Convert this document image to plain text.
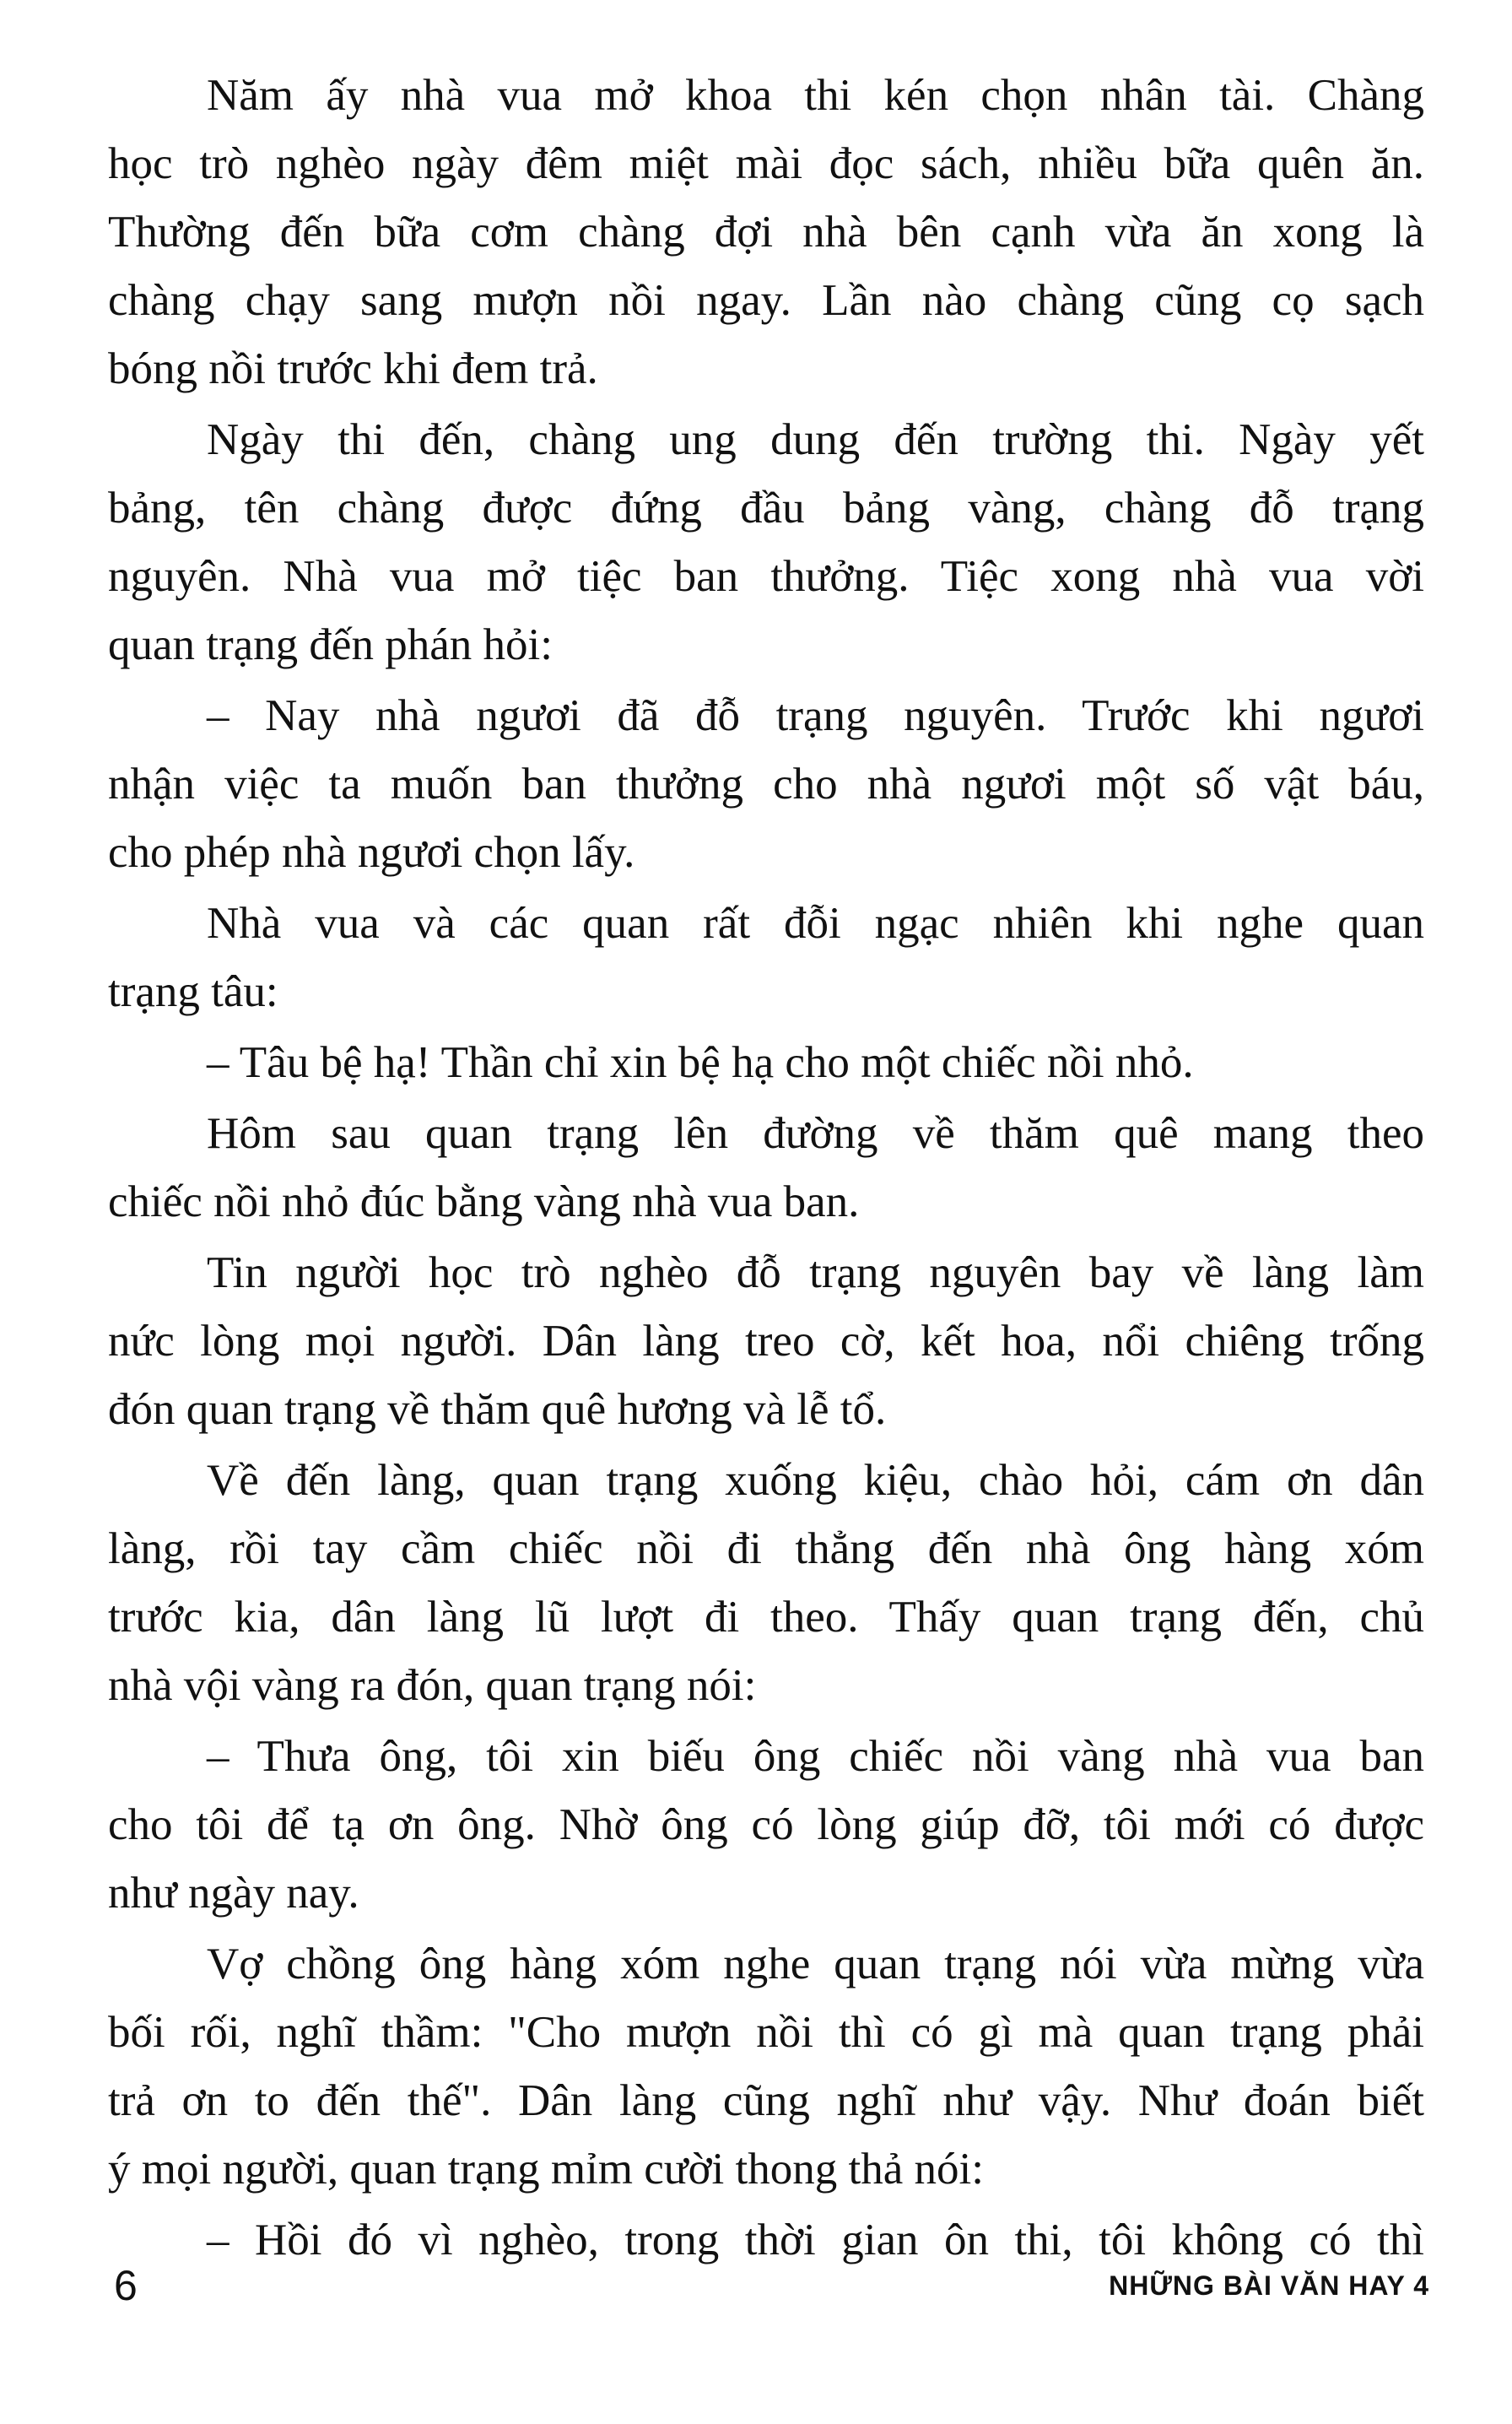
Năm ấy nhà vua mở khoa thi kén chọn nhân tài. Chàng
học trò nghèo ngày đêm miệt mài đọc sách, nhiều bữa quên ăn.
Thường đến bữa cơm chàng đợi nhà bên cạnh vừa ăn xong là
chàng chạy sang mượn nồi ngay. Lần nào chàng cũng cọ sạch
bóng nồi trước khi đem trả.
Ngày thi đến, chàng ung dung đến trường thi. Ngày yết
bảng, tên chàng được đứng đầu bảng vàng, chàng đỗ trạng
nguyên. Nhà vua mở tiệc ban thưởng. Tiệc xong nhà vua vời
quan trạng đến phán hỏi:
– Nay nhà ngươi đã đỗ trạng nguyên. Trước khi ngươi
nhận việc ta muốn ban thưởng cho nhà ngươi một số vật báu,
cho phép nhà ngươi chọn lấy.
Nhà vua và các quan rất đỗi ngạc nhiên khi nghe quan
trạng tâu:
– Tâu bệ hạ! Thần chỉ xin bệ hạ cho một chiếc nồi nhỏ.
Hôm sau quan trạng lên đường về thăm quê mang theo
chiếc nồi nhỏ đúc bằng vàng nhà vua ban.
Tin người học trò nghèo đỗ trạng nguyên bay về làng làm
nức lòng mọi người. Dân làng treo cờ, kết hoa, nổi chiêng trống
đón quan trạng về thăm quê hương và lễ tổ.
Về đến làng, quan trạng xuống kiệu, chào hỏi, cám ơn dân
làng, rồi tay cầm chiếc nồi đi thẳng đến nhà ông hàng xóm
trước kia, dân làng lũ lượt đi theo. Thấy quan trạng đến, chủ
nhà vội vàng ra đón, quan trạng nói:
– Thưa ông, tôi xin biếu ông chiếc nồi vàng nhà vua ban
cho tôi để tạ ơn ông. Nhờ ông có lòng giúp đỡ, tôi mới có được
như ngày nay.
Vợ chồng ông hàng xóm nghe quan trạng nói vừa mừng vừa
bối rối, nghĩ thầm: "Cho mượn nồi thì có gì mà quan trạng phải
trả ơn to đến thế". Dân làng cũng nghĩ như vậy. Như đoán biết
ý mọi người, quan trạng mỉm cười thong thả nói:
– Hồi đó vì nghèo, trong thời gian ôn thi, tôi không có thì
6	NHỮNG BÀI VĂN HAY 4
